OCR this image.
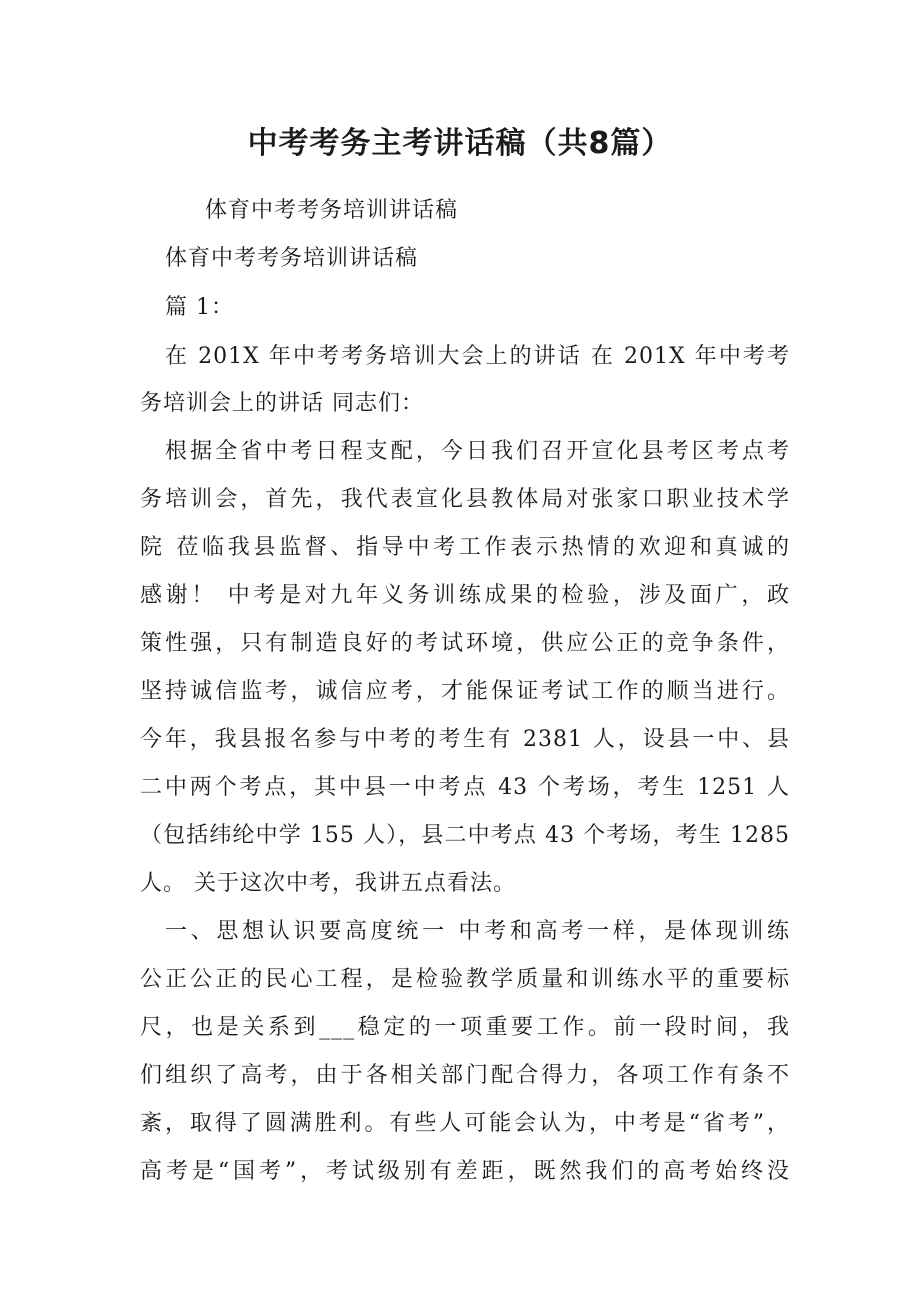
中考考务主考讲话稿（共8篇）
体育中考考务培训讲话稿
体育中考考务培训讲话稿
篇 1：
在 201X 年中考考务培训大会上的讲话 在 201X 年中考考
务培训会上的讲话 同志们：
根据全省中考日程支配，今日我们召开宣化县考区考点考
务培训会，首先，我代表宣化县教体局对张家口职业技术学
院 莅临我县监督、指导中考工作表示热情的欢迎和真诚的
感谢！ 中考是对九年义务训练成果的检验，涉及面广，政
策性强，只有制造良好的考试环境，供应公正的竞争条件，
坚持诚信监考，诚信应考，才能保证考试工作的顺当进行。
今年，我县报名参与中考的考生有 2381 人，设县一中、县
二中两个考点，其中县一中考点 43 个考场，考生 1251 人
（包括纬纶中学 155 人），县二中考点 43 个考场，考生 1285
人。 关于这次中考，我讲五点看法。
一、思想认识要高度统一 中考和高考一样，是体现训练
公正公正的民心工程，是检验教学质量和训练水平的重要标
尺，也是关系到___稳定的一项重要工作。前一段时间，我
们组织了高考，由于各相关部门配合得力，各项工作有条不
紊，取得了圆满胜利。有些人可能会认为，中考是“省考”，
高考是“国考”，考试级别有差距，既然我们的高考始终没
